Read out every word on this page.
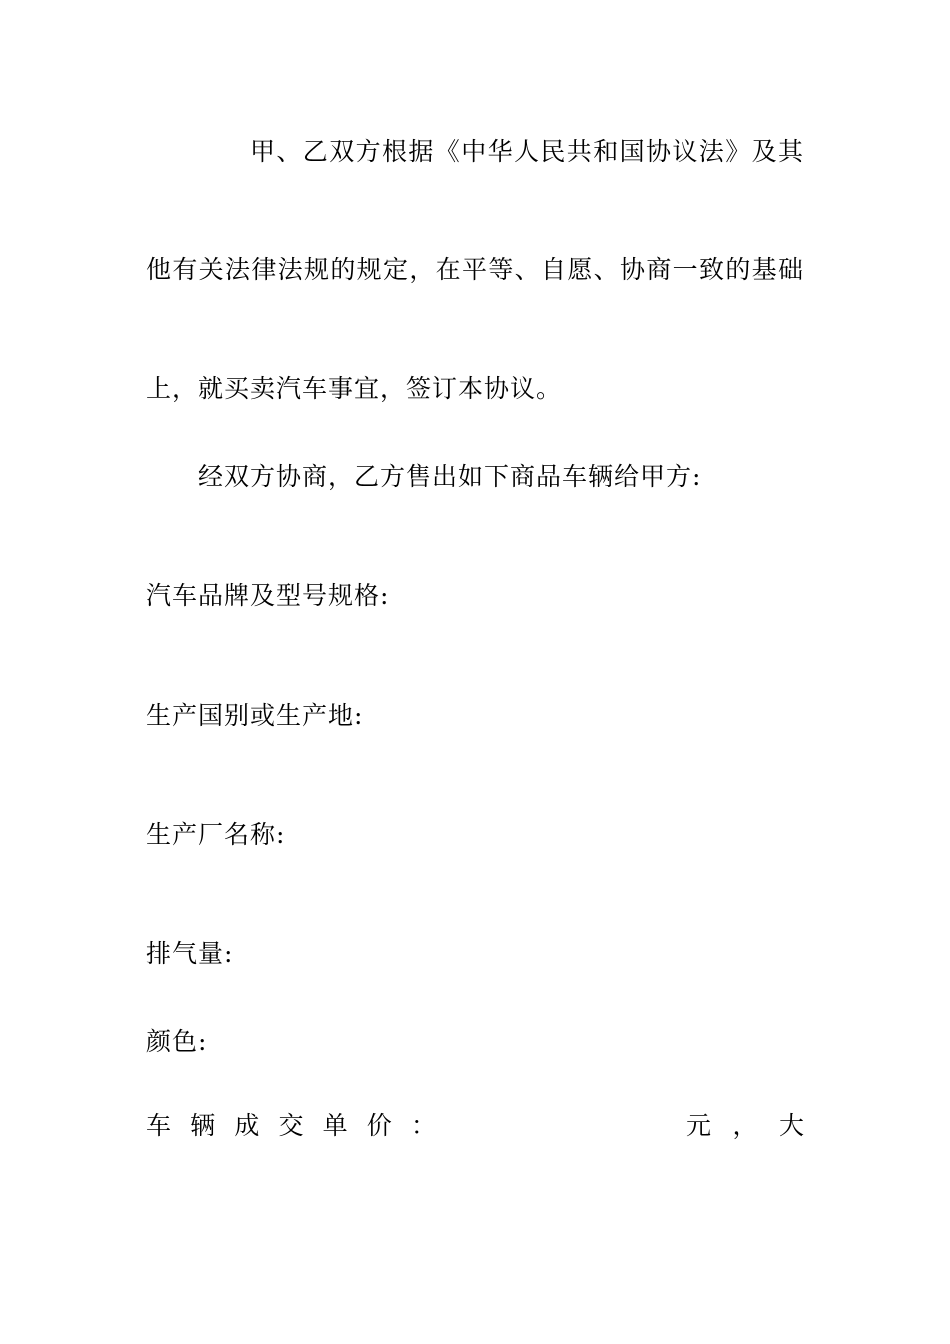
甲、乙双方根据《中华人民共和国协议法》及其
他有关法律法规的规定，在平等、自愿、协商一致的基础
上，就买卖汽车事宜，签订本协议。
经双方协商，乙方售出如下商品车辆给甲方:
汽车品牌及型号规格:
生产国别或生产地:
生产厂名称:
排气量:
颜色:
车 辆 成 交 单 价 ：	元 ， 大
